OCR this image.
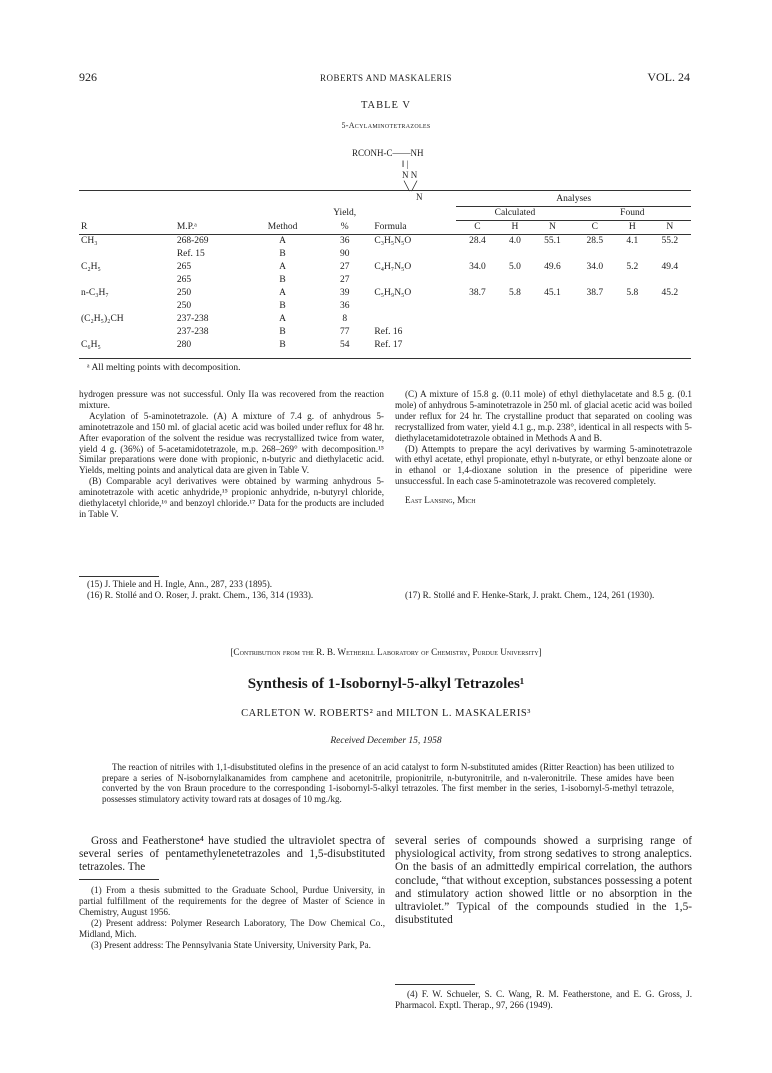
926	ROBERTS AND MASKALERIS	VOL. 24
TABLE V
5-Acylaminotetrazoles
RCONH-C——NH
‖ |
N N
╲ ╱
N
					Analyses					
			Yield,		Calculated			Found		
R	M.P.ᵃ	Method	%	Formula	C	H	N	C	H	N
CH₃	268-269	A	36	C₃H₅N₅O	28.4	4.0	55.1	28.5	4.1	55.2
	Ref. 15	B	90							
C₂H₅	265	A	27	C₄H₇N₅O	34.0	5.0	49.6	34.0	5.2	49.4
	265	B	27							
n-C₃H₇	250	A	39	C₅H₉N₅O	38.7	5.8	45.1	38.7	5.8	45.2
	250	B	36							
(C₂H₅)₂CH	237-238	A	8							
	237-238	B	77	Ref. 16						
C₆H₅	280	B	54	Ref. 17						
ᵃ All melting points with decomposition.

hydrogen pressure was not successful. Only IIa was recovered from the reaction mixture.

Acylation of 5-aminotetrazole. (A) A mixture of 7.4 g. of anhydrous 5-aminotetrazole and 150 ml. of glacial acetic acid was boiled under reflux for 48 hr. After evaporation of the solvent the residue was recrystallized twice from water, yield 4 g. (36%) of 5-acetamidotetrazole, m.p. 268–269° with decomposition.¹⁵ Similar preparations were done with propionic, n-butyric and diethylacetic acid. Yields, melting points and analytical data are given in Table V.

(B) Comparable acyl derivatives were obtained by warming anhydrous 5-aminotetrazole with acetic anhydride,¹⁵ propionic anhydride, n-butyryl chloride, diethylacetyl chloride,¹⁶ and benzoyl chloride.¹⁷ Data for the products are included in Table V.

(C) A mixture of 15.8 g. (0.11 mole) of ethyl diethylacetate and 8.5 g. (0.1 mole) of anhydrous 5-aminotetrazole in 250 ml. of glacial acetic acid was boiled under reflux for 24 hr. The crystalline product that separated on cooling was recrystallized from water, yield 4.1 g., m.p. 238°, identical in all respects with 5-diethylacetamidotetrazole obtained in Methods A and B.

(D) Attempts to prepare the acyl derivatives by warming 5-aminotetrazole with ethyl acetate, ethyl propionate, ethyl n-butyrate, or ethyl benzoate alone or in ethanol or 1,4-dioxane solution in the presence of piperidine were unsuccessful. In each case 5-aminotetrazole was recovered completely.

East Lansing, Mich

(15) J. Thiele and H. Ingle, Ann., 287, 233 (1895).

(16) R. Stollé and O. Roser, J. prakt. Chem., 136, 314 (1933).	(17) R. Stollé and F. Henke-Stark, J. prakt. Chem., 124, 261 (1930).

[Contribution from the R. B. Wetherill Laboratory of Chemistry, Purdue University]
Synthesis of 1-Isobornyl-5-alkyl Tetrazoles¹
CARLETON W. ROBERTS² and MILTON L. MASKALERIS³
Received December 15, 1958

The reaction of nitriles with 1,1-disubstituted olefins in the presence of an acid catalyst to form N-substituted amides (Ritter Reaction) has been utilized to prepare a series of N-isobornylalkanamides from camphene and acetonitrile, propionitrile, n-butyronitrile, and n-valeronitrile. These amides have been converted by the von Braun procedure to the corresponding 1-isobornyl-5-alkyl tetrazoles. The first member in the series, 1-isobornyl-5-methyl tetrazole, possesses stimulatory activity toward rats at dosages of 10 mg./kg.

Gross and Featherstone⁴ have studied the ultraviolet spectra of several series of pentamethylenetetrazoles and 1,5-disubstituted tetrazoles. The

several series of compounds showed a surprising range of physiological activity, from strong sedatives to strong analeptics. On the basis of an admittedly empirical correlation, the authors conclude, “that without exception, substances possessing a potent and stimulatory action showed little or no absorption in the ultraviolet.” Typical of the compounds studied in the 1,5-disubstituted

(1) From a thesis submitted to the Graduate School, Purdue University, in partial fulfillment of the requirements for the degree of Master of Science in Chemistry, August 1956.

(2) Present address: Polymer Research Laboratory, The Dow Chemical Co., Midland, Mich.

(3) Present address: The Pennsylvania State University, University Park, Pa.

(4) F. W. Schueler, S. C. Wang, R. M. Featherstone, and E. G. Gross, J. Pharmacol. Exptl. Therap., 97, 266 (1949).
